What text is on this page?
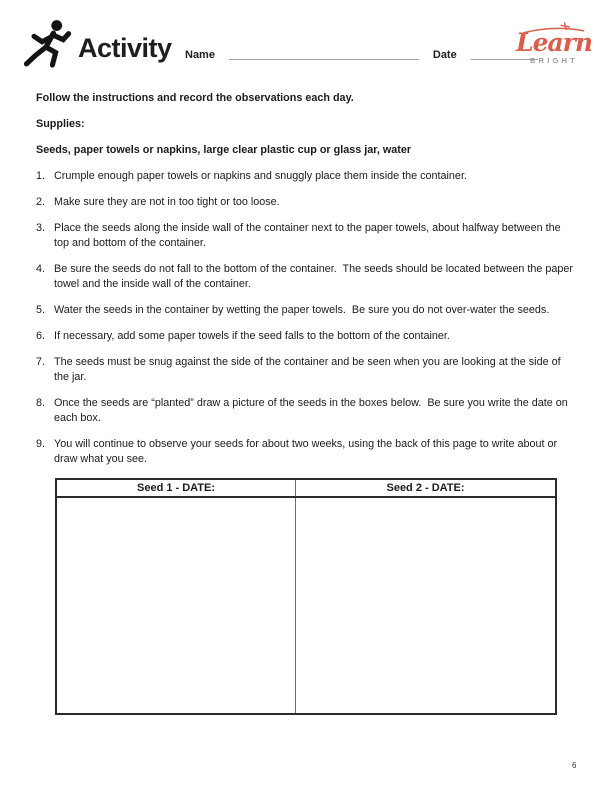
Activity Name _______________________________ Date ___________
Learn
BRIGHT

Follow the instructions and record the observations each day.

Supplies:

Seeds, paper towels or napkins, large clear plastic cup or glass jar, water

1. Crumple enough paper towels or napkins and snuggly place them inside the container.
2. Make sure they are not in too tight or too loose.
3. Place the seeds along the inside wall of the container next to the paper towels, about halfway between the top and bottom of the container.
4. Be sure the seeds do not fall to the bottom of the container.  The seeds should be located between the paper towel and the inside wall of the container.
5. Water the seeds in the container by wetting the paper towels.  Be sure you do not over-water the seeds.
6. If necessary, add some paper towels if the seed falls to the bottom of the container.
7. The seeds must be snug against the side of the container and be seen when you are looking at the side of the jar.
8. Once the seeds are “planted” draw a picture of the seeds in the boxes below.  Be sure you write the date on each box.
9. You will continue to observe your seeds for about two weeks, using the back of this page to write about or draw what you see.
Seed 1 - DATE:	Seed 2 - DATE:
6
